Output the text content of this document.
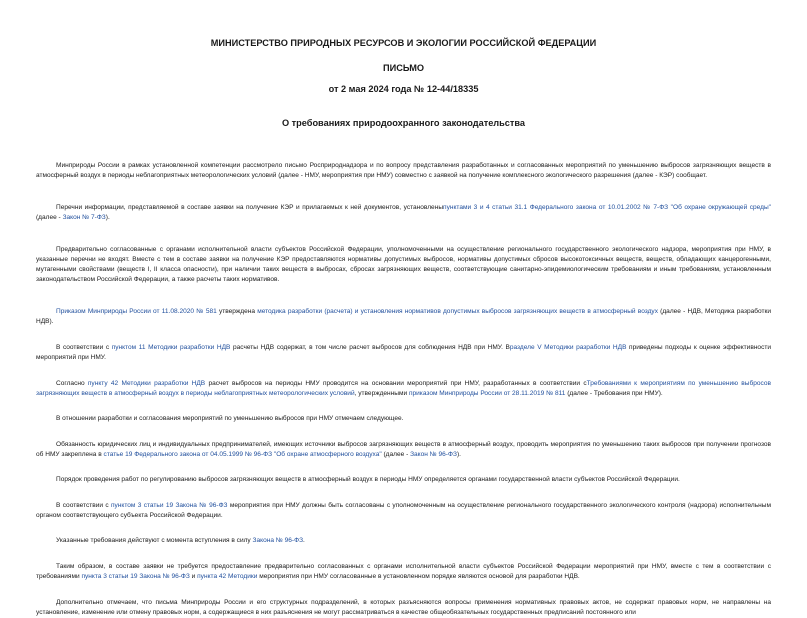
МИНИСТЕРСТВО ПРИРОДНЫХ РЕСУРСОВ И ЭКОЛОГИИ РОССИЙСКОЙ ФЕДЕРАЦИИ
ПИСЬМО
от 2 мая 2024 года № 12-44/18335
О требованиях природоохранного законодательства

Минприроды России в рамках установленной компетенции рассмотрело письмо Росприроднадзора и по вопросу представления разработанных и согласованных мероприятий по уменьшению выбросов загрязняющих веществ в атмосферный воздух в периоды неблагоприятных метеорологических условий (далее - НМУ, мероприятия при НМУ) совместно с заявкой на получение комплексного экологического разрешения (далее - КЭР) сообщает.

Перечни информации, представляемой в составе заявки на получение КЭР и прилагаемых к ней документов, установленыпунктами 3 и 4 статьи 31.1 Федерального закона от 10.01.2002 № 7-ФЗ "Об охране окружающей среды" (далее - Закон № 7-ФЗ).

Предварительно согласованные с органами исполнительной власти субъектов Российской Федерации, уполномоченными на осуществление регионального государственного экологического надзора, мероприятия при НМУ, в указанные перечни не входят. Вместе с тем в составе заявки на получение КЭР предоставляются нормативы допустимых выбросов, нормативы допустимых сбросов высокотоксичных веществ, веществ, обладающих канцерогенными, мутагенными свойствами (веществ I, II класса опасности), при наличии таких веществ в выбросах, сбросах загрязняющих веществ, соответствующие санитарно-эпидемиологическим требованиям и иным требованиям, установленным законодательством Российской Федерации, а также расчеты таких нормативов.

Приказом Минприроды России от 11.08.2020 № 581 утверждена методика разработки (расчета) и установления нормативов допустимых выбросов загрязняющих веществ в атмосферный воздух (далее - НДВ, Методика разработки НДВ).

В соответствии с пунктом 11 Методики разработки НДВ расчеты НДВ содержат, в том числе расчет выбросов для соблюдения НДВ при НМУ. Вразделе V Методики разработки НДВ приведены подходы к оценке эффективности мероприятий при НМУ.

Согласно пункту 42 Методики разработки НДВ расчет выбросов на периоды НМУ проводится на основании мероприятий при НМУ, разработанных в соответствии сТребованиями к мероприятиям по уменьшению выбросов загрязняющих веществ в атмосферный воздух в периоды неблагоприятных метеорологических условий, утвержденными приказом Минприроды России от 28.11.2019 № 811 (далее - Требования при НМУ).

В отношении разработки и согласования мероприятий по уменьшению выбросов при НМУ отмечаем следующее.

Обязанность юридических лиц и индивидуальных предпринимателей, имеющих источники выбросов загрязняющих веществ в атмосферный воздух, проводить мероприятия по уменьшению таких выбросов при получении прогнозов об НМУ закреплена в статье 19 Федерального закона от 04.05.1999 № 96-ФЗ "Об охране атмосферного воздуха" (далее - Закон № 96-ФЗ).

Порядок проведения работ по регулированию выбросов загрязняющих веществ в атмосферный воздух в периоды НМУ определяется органами государственной власти субъектов Российской Федерации.

В соответствии с пунктом 3 статьи 19 Закона № 96-ФЗ мероприятия при НМУ должны быть согласованы с уполномоченным на осуществление регионального государственного экологического контроля (надзора) исполнительным органом соответствующего субъекта Российской Федерации.

Указанные требования действуют с момента вступления в силу Закона № 96-ФЗ.

Таким образом, в составе заявки не требуется предоставление предварительно согласованных с органами исполнительной власти субъектов Российской Федерации мероприятий при НМУ, вместе с тем в соответствии с требованиями пункта 3 статьи 19 Закона № 96-ФЗ и пункта 42 Методики мероприятия при НМУ согласованные в установленном порядке являются основой для разработки НДВ.

Дополнительно отмечаем, что письма Минприроды России и его структурных подразделений, в которых разъясняются вопросы применения нормативных правовых актов, не содержат правовых норм, не направлены на установление, изменение или отмену правовых норм, а содержащиеся в них разъяснения не могут рассматриваться в качестве общеобязательных государственных предписаний постоянного или
